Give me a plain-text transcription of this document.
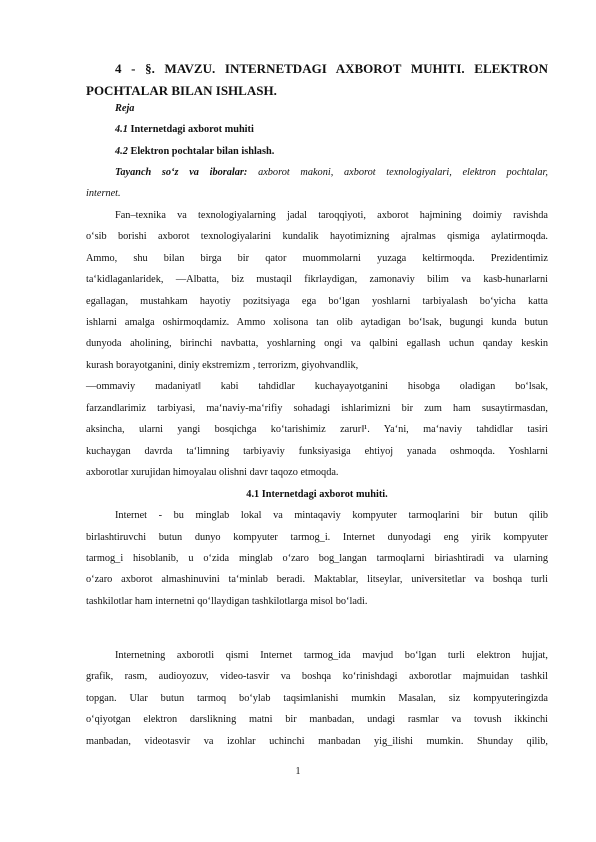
4 - §. MAVZU. INTERNETDAGI AXBOROT MUHITI. ELEKTRON POCHTALAR BILAN ISHLASH.

Reja

4.1 Internetdagi axborot muhiti

4.2 Elektron pochtalar bilan ishlash.

Tayanch so‘z va iboralar: axborot makoni, axborot texnologiyalari, elektron pochtalar,

internet.

Fan–texnika va texnologiyalarning jadal taroqqiyoti, axborot hajmining doimiy ravishda

o‘sib borishi axborot texnologiyalarini kundalik hayotimizning ajralmas qismiga aylatirmoqda.

Ammo, shu bilan birga bir qator muommolarni yuzaga keltirmoqda. Prezidentimiz

ta‘kidlaganlaridek, ―Albatta, biz mustaqil fikrlaydigan, zamonaviy bilim va kasb-hunarlarni

egallagan, mustahkam hayotiy pozitsiyaga ega bo‘lgan yoshlarni tarbiyalash bo‘yicha katta

ishlarni amalga oshirmoqdamiz. Ammo xolisona tan olib aytadigan bo‘lsak, bugungi kunda butun

dunyoda aholining, birinchi navbatta, yoshlarning ongi va qalbini egallash uchun qanday keskin

kurash borayotganini, diniy ekstremizm , terrorizm, giyohvandlik,

―ommaviy madaniyat‖ kabi tahdidlar kuchayayotganini hisobga oladigan bo‘lsak,

farzandlarimiz tarbiyasi, ma‘naviy-ma‘rifiy sohadagi ishlarimizni bir zum ham susaytirmasdan,

aksincha, ularni yangi bosqichga ko‘tarishimiz zarur‖¹. Ya‘ni, ma‘naviy tahdidlar tasiri

kuchaygan davrda ta‘limning tarbiyaviy funksiyasiga ehtiyoj yanada oshmoqda. Yoshlarni

axborotlar xurujidan himoyalau olishni davr taqozo etmoqda.

4.1 Internetdagi axborot muhiti.

Internet - bu minglab lokal va mintaqaviy kompyuter tarmoqlarini bir butun qilib

birlashtiruvchi butun dunyo kompyuter tarmog_i. Internet dunyodagi eng yirik kompyuter

tarmog_i hisoblanib, u o‘zida minglab o‘zaro bog_langan tarmoqlarni biriashtiradi va ularning

o‘zaro axborot almashinuvini ta‘minlab beradi. Maktablar, litseylar, universitetlar va boshqa turli

tashkilotlar ham internetni qo‘llaydigan tashkilotlarga misol bo‘ladi.

Internetning axborotli qismi Internet tarmog_ida mavjud bo‘lgan turli elektron hujjat,

grafik, rasm, audioyozuv, video-tasvir va boshqa ko‘rinishdagi axborotlar majmuidan tashkil

topgan. Ular butun tarmoq bo‘ylab taqsimlanishi mumkin Masalan, siz kompyuteringizda

o‘qiyotgan elektron darslikning matni bir manbadan, undagi rasmlar va tovush ikkinchi

manbadan, videotasvir va izohlar uchinchi manbadan yig_ilishi mumkin. Shunday qilib,

1
